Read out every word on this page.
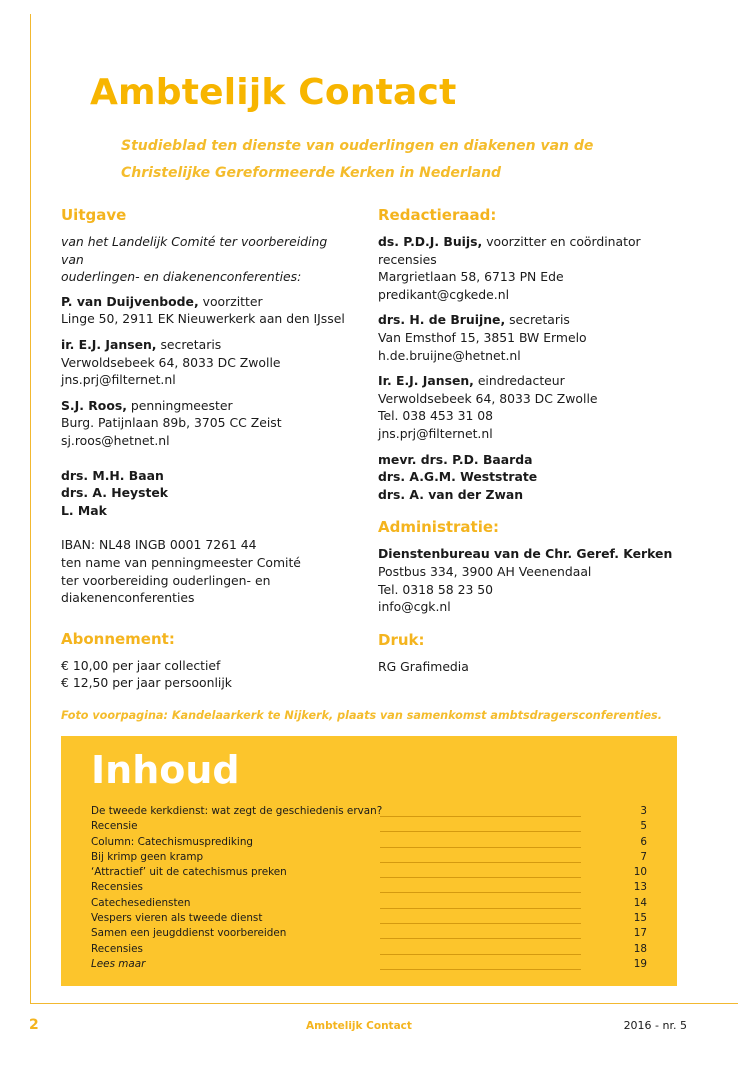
Ambtelijk Contact
Studieblad ten dienste van ouderlingen en diakenen van de
Christelijke Gereformeerde Kerken in Nederland
Uitgave
van het Landelijk Comité ter voorbereiding van
ouderlingen- en diakenenconferenties:
P. van Duijvenbode, voorzitter
Linge 50, 2911 EK Nieuwerkerk aan den IJssel
ir. E.J. Jansen, secretaris
Verwoldsebeek 64, 8033 DC Zwolle
jns.prj@filternet.nl
S.J. Roos, penningmeester
Burg. Patijnlaan 89b, 3705 CC Zeist
sj.roos@hetnet.nl
drs. M.H. Baan
drs. A. Heystek
L. Mak
IBAN: NL48 INGB 0001 7261 44
ten name van penningmeester Comité
ter voorbereiding ouderlingen- en
diakenenconferenties
Abonnement:
€ 10,00 per jaar collectief
€ 12,50 per jaar persoonlijk
Redactieraad:
ds. P.D.J. Buijs, voorzitter en coördinator
recensies
Margrietlaan 58, 6713 PN Ede
predikant@cgkede.nl
drs. H. de Bruijne, secretaris
Van Emsthof 15, 3851 BW Ermelo
h.de.bruijne@hetnet.nl
Ir. E.J. Jansen, eindredacteur
Verwoldsebeek 64, 8033 DC Zwolle
Tel. 038 453 31 08
jns.prj@filternet.nl
mevr. drs. P.D. Baarda
drs. A.G.M. Weststrate
drs. A. van der Zwan
Administratie:
Dienstenbureau van de Chr. Geref. Kerken
Postbus 334, 3900 AH Veenendaal
Tel. 0318 58 23 50
info@cgk.nl
Druk:
RG Grafimedia
Foto voorpagina: Kandelaarkerk te Nijkerk, plaats van samenkomst ambtsdragersconferenties.
Inhoud
De tweede kerkdienst: wat zegt de geschiedenis ervan?	3
Recensie	5
Column: Catechismusprediking	6
Bij krimp geen kramp	7
‘Attractief’ uit de catechismus preken	10
Recensies	13
Catechesediensten	14
Vespers vieren als tweede dienst	15
Samen een jeugddienst voorbereiden	17
Recensies	18
Lees maar	19
2	Ambtelijk Contact	2016 - nr. 5
